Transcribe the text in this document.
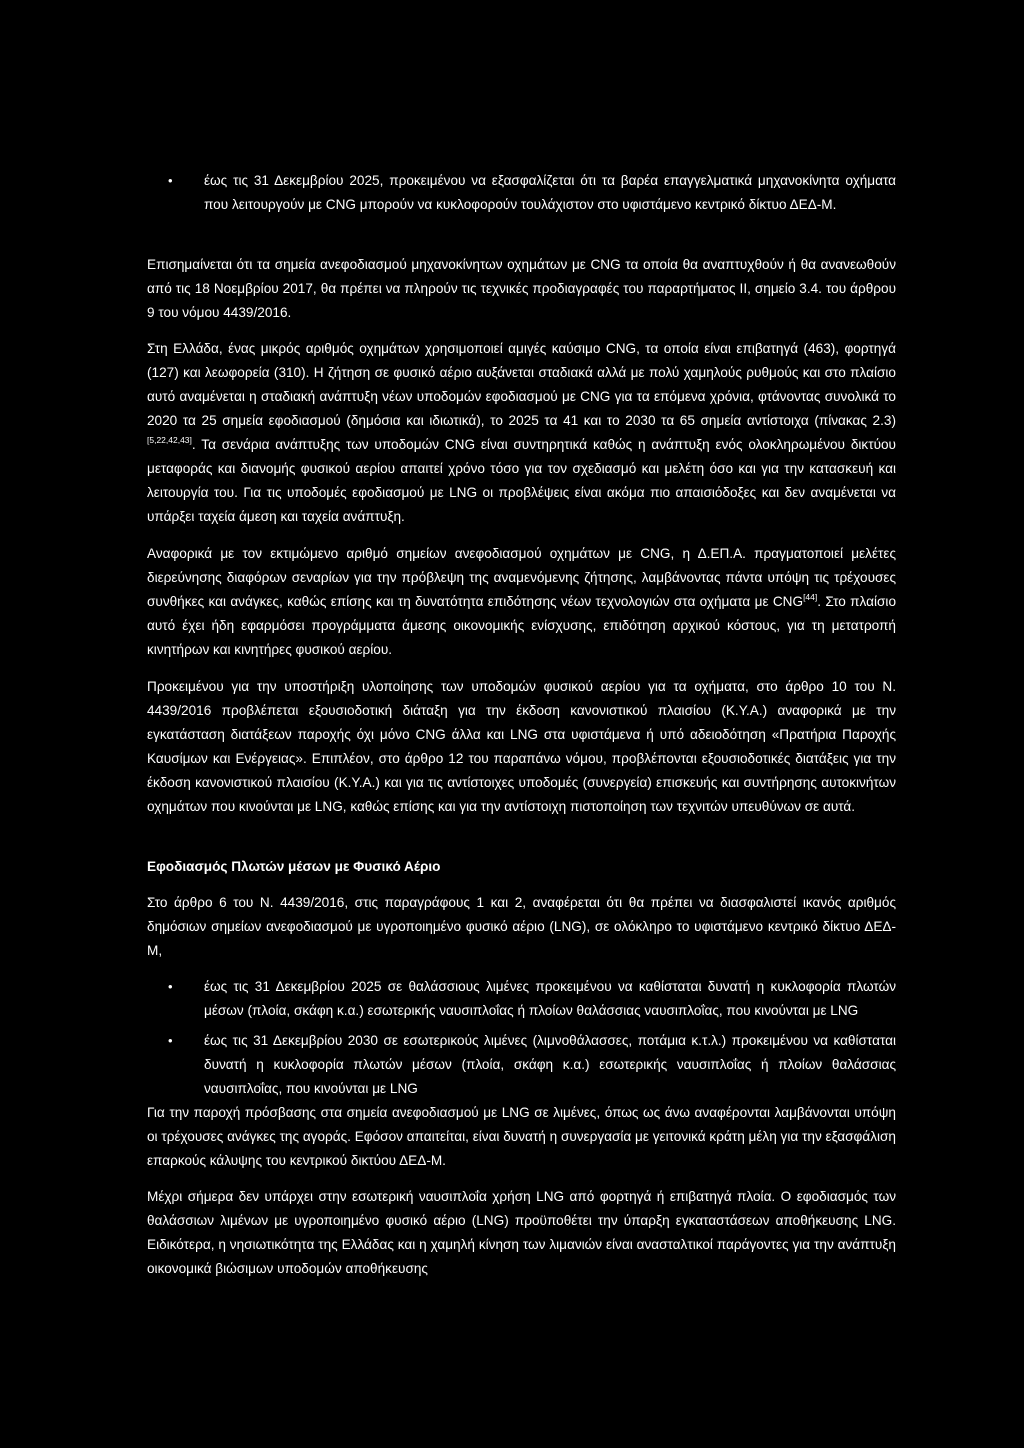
• έως τις 31 Δεκεμβρίου 2025, προκειμένου να εξασφαλίζεται ότι τα βαρέα επαγγελματικά μηχανοκίνητα οχήματα που λειτουργούν με CNG μπορούν να κυκλοφορούν τουλάχιστον στο υφιστάμενο κεντρικό δίκτυο ΔΕΔ-Μ.

Επισημαίνεται ότι τα σημεία ανεφοδιασμού μηχανοκίνητων οχημάτων με CNG τα οποία θα αναπτυχθούν ή θα ανανεωθούν από τις 18 Νοεμβρίου 2017, θα πρέπει να πληρούν τις τεχνικές προδιαγραφές του παραρτήματος II, σημείο 3.4. του άρθρου 9 του νόμου 4439/2016.

Στη Ελλάδα, ένας μικρός αριθμός οχημάτων χρησιμοποιεί αμιγές καύσιμο CNG, τα οποία είναι επιβατηγά (463), φορτηγά (127) και λεωφορεία (310). Η ζήτηση σε φυσικό αέριο αυξάνεται σταδιακά αλλά με πολύ χαμηλούς ρυθμούς και στο πλαίσιο αυτό αναμένεται η σταδιακή ανάπτυξη νέων υποδομών εφοδιασμού με CNG για τα επόμενα χρόνια, φτάνοντας συνολικά το 2020 τα 25 σημεία εφοδιασμού (δημόσια και ιδιωτικά), το 2025 τα 41 και το 2030 τα 65 σημεία αντίστοιχα (πίνακας 2.3) [5,22,42,43]. Τα σενάρια ανάπτυξης των υποδομών CNG είναι συντηρητικά καθώς η ανάπτυξη ενός ολοκληρωμένου δικτύου μεταφοράς και διανομής φυσικού αερίου απαιτεί χρόνο τόσο για τον σχεδιασμό και μελέτη όσο και για την κατασκευή και λειτουργία του. Για τις υποδομές εφοδιασμού με LNG οι προβλέψεις είναι ακόμα πιο απαισιόδοξες και δεν αναμένεται να υπάρξει ταχεία άμεση και ταχεία ανάπτυξη.

Αναφορικά με τον εκτιμώμενο αριθμό σημείων ανεφοδιασμού οχημάτων με CNG, η Δ.ΕΠ.Α. πραγματοποιεί μελέτες διερεύνησης διαφόρων σεναρίων για την πρόβλεψη της αναμενόμενης ζήτησης, λαμβάνοντας πάντα υπόψη τις τρέχουσες συνθήκες και ανάγκες, καθώς επίσης και τη δυνατότητα επιδότησης νέων τεχνολογιών στα οχήματα με CNG[44]. Στο πλαίσιο αυτό έχει ήδη εφαρμόσει προγράμματα άμεσης οικονομικής ενίσχυσης, επιδότηση αρχικού κόστους, για τη μετατροπή κινητήρων και κινητήρες φυσικού αερίου.

Προκειμένου για την υποστήριξη υλοποίησης των υποδομών φυσικού αερίου για τα οχήματα, στο άρθρο 10 του Ν. 4439/2016 προβλέπεται εξουσιοδοτική διάταξη για την έκδοση κανονιστικού πλαισίου (Κ.Υ.Α.) αναφορικά με την εγκατάσταση διατάξεων παροχής όχι μόνο CNG άλλα και LNG στα υφιστάμενα ή υπό αδειοδότηση «Πρατήρια Παροχής Καυσίμων και Ενέργειας». Επιπλέον, στο άρθρο 12 του παραπάνω νόμου, προβλέπονται εξουσιοδοτικές διατάξεις για την έκδοση κανονιστικού πλαισίου (Κ.Υ.Α.) και για τις αντίστοιχες υποδομές (συνεργεία) επισκευής και συντήρησης αυτοκινήτων οχημάτων που κινούνται με LNG, καθώς επίσης και για την αντίστοιχη πιστοποίηση των τεχνιτών υπευθύνων σε αυτά.

Εφοδιασμός Πλωτών μέσων με Φυσικό Αέριο

Στο άρθρο 6 του Ν. 4439/2016, στις παραγράφους 1 και 2, αναφέρεται ότι θα πρέπει να διασφαλιστεί ικανός αριθμός δημόσιων σημείων ανεφοδιασμού με υγροποιημένο φυσικό αέριο (LNG), σε ολόκληρο το υφιστάμενο κεντρικό δίκτυο ΔΕΔ-Μ,

• έως τις 31 Δεκεμβρίου 2025 σε θαλάσσιους λιμένες προκειμένου να καθίσταται δυνατή η κυκλοφορία πλωτών μέσων (πλοία, σκάφη κ.α.) εσωτερικής ναυσιπλοΐας ή πλοίων θαλάσσιας ναυσιπλοΐας, που κινούνται με LNG
• έως τις 31 Δεκεμβρίου 2030 σε εσωτερικούς λιμένες (λιμνοθάλασσες, ποτάμια κ.τ.λ.) προκειμένου να καθίσταται δυνατή η κυκλοφορία πλωτών μέσων (πλοία, σκάφη κ.α.) εσωτερικής ναυσιπλοΐας ή πλοίων θαλάσσιας ναυσιπλοΐας, που κινούνται με LNG

Για την παροχή πρόσβασης στα σημεία ανεφοδιασμού με LNG σε λιμένες, όπως ως άνω αναφέρονται λαμβάνονται υπόψη οι τρέχουσες ανάγκες της αγοράς. Εφόσον απαιτείται, είναι δυνατή η συνεργασία με γειτονικά κράτη μέλη για την εξασφάλιση επαρκούς κάλυψης του κεντρικού δικτύου ΔΕΔ-Μ.

Μέχρι σήμερα δεν υπάρχει στην εσωτερική ναυσιπλοΐα χρήση LNG από φορτηγά ή επιβατηγά πλοία. Ο εφοδιασμός των θαλάσσιων λιμένων με υγροποιημένο φυσικό αέριο (LNG) προϋποθέτει την ύπαρξη εγκαταστάσεων αποθήκευσης LNG. Ειδικότερα, η νησιωτικότητα της Ελλάδας και η χαμηλή κίνηση των λιμανιών είναι ανασταλτικοί παράγοντες για την ανάπτυξη οικονομικά βιώσιμων υποδομών αποθήκευσης
